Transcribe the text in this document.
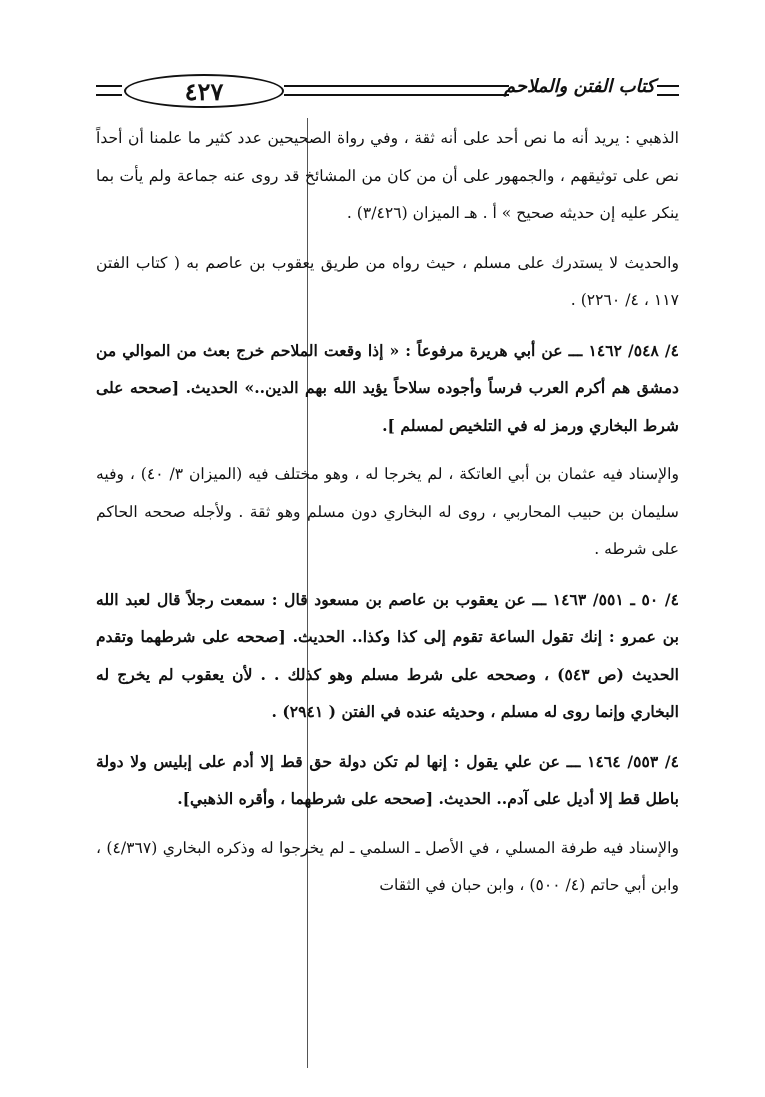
٤٢٧	كتاب الفتن والملاحم

الذهبي : يريد أنه ما نص أحد على أنه ثقة ، وفي رواة الصحيحين عدد كثير ما علمنا أن أحداً نص على توثيقهم ، والجمهور على أن من كان من المشائخ قد روى عنه جماعة ولم يأت بما ينكر عليه إن حديثه صحيح » أ . هـ الميزان (٣/٤٢٦) .

والحديث لا يستدرك على مسلم ، حيث رواه من طريق يعقوب بن عاصم به ( كتاب الفتن ١١٧ ، ٤/ ٢٢٦٠) .

٤/ ٥٤٨/ ١٤٦٢ ـــ عن أبي هريرة مرفوعاً : « إذا وقعت الملاحم خرج بعث من الموالي من دمشق هم أكرم العرب فرساً وأجوده سلاحاً يؤيد الله بهم الدين..» الحديث. [صححه على شرط البخاري ورمز له في التلخيص لمسلم ].

والإسناد فيه عثمان بن أبي العاتكة ، لم يخرجا له ، وهو مختلف فيه (الميزان ٣/ ٤٠) ، وفيه سليمان بن حبيب المحاربي ، روى له البخاري دون مسلم وهو ثقة . ولأجله صححه الحاكم على شرطه .

٤/ ٥٠ ـ ٥٥١/ ١٤٦٣ ـــ عن يعقوب بن عاصم بن مسعود قال : سمعت رجلاً قال لعبد الله بن عمرو : إنك تقول الساعة تقوم إلى كذا وكذا.. الحديث. [صححه على شرطهما وتقدم الحديث (ص ٥٤٣) ، وصححه على شرط مسلم وهو كذلك . . لأن يعقوب لم يخرج له البخاري وإنما روى له مسلم ، وحديثه عنده في الفتن ( ٢٩٤١) .

٤/ ٥٥٣/ ١٤٦٤ ـــ عن علي يقول : إنها لم تكن دولة حق قط إلا أدم على إبليس ولا دولة باطل قط إلا أديل على آدم.. الحديث. [صححه على شرطهما ، وأقره الذهبي].

والإسناد فيه طرفة المسلي ، في الأصل ـ السلمي ـ لم يخرجوا له وذكره البخاري (٤/٣٦٧) ، وابن أبي حاتم (٤/ ٥٠٠) ، وابن حبان في الثقات
